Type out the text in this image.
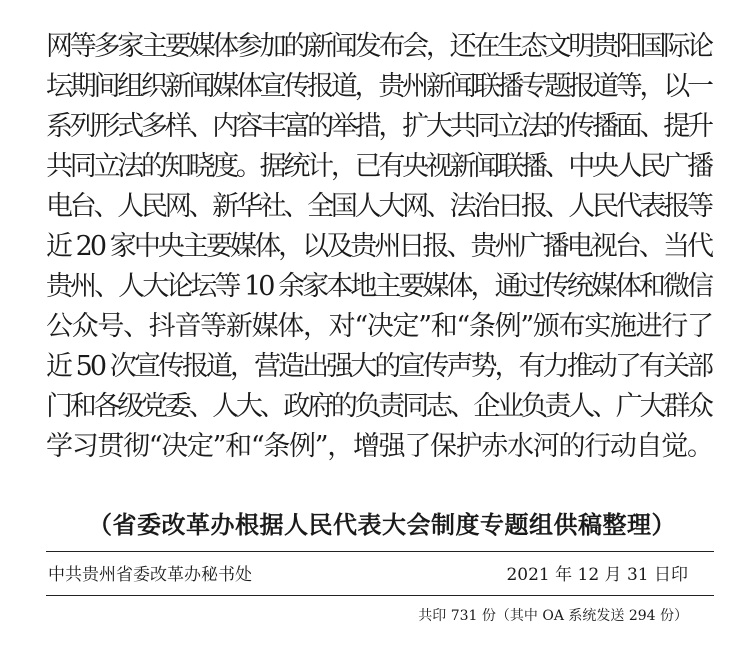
网等多家主要媒体参加的新闻发布会，还在生态文明贵阳国际论
坛期间组织新闻媒体宣传报道，贵州新闻联播专题报道等，以一
系列形式多样、内容丰富的举措，扩大共同立法的传播面、提升
共同立法的知晓度。据统计，已有央视新闻联播、中央人民广播
电台、人民网、新华社、全国人大网、法治日报、人民代表报等
近 20 家中央主要媒体，以及贵州日报、贵州广播电视台、当代
贵州、人大论坛等 10 余家本地主要媒体，通过传统媒体和微信
公众号、抖音等新媒体，对“决定”和“条例”颁布实施进行了
近 50 次宣传报道，营造出强大的宣传声势，有力推动了有关部
门和各级党委、人大、政府的负责同志、企业负责人、广大群众
学习贯彻“决定”和“条例”，增强了保护赤水河的行动自觉。
（省委改革办根据人民代表大会制度专题组供稿整理）
中共贵州省委改革办秘书处	2021 年 12 月 31 日印
共印 731 份（其中 OA 系统发送 294 份）
